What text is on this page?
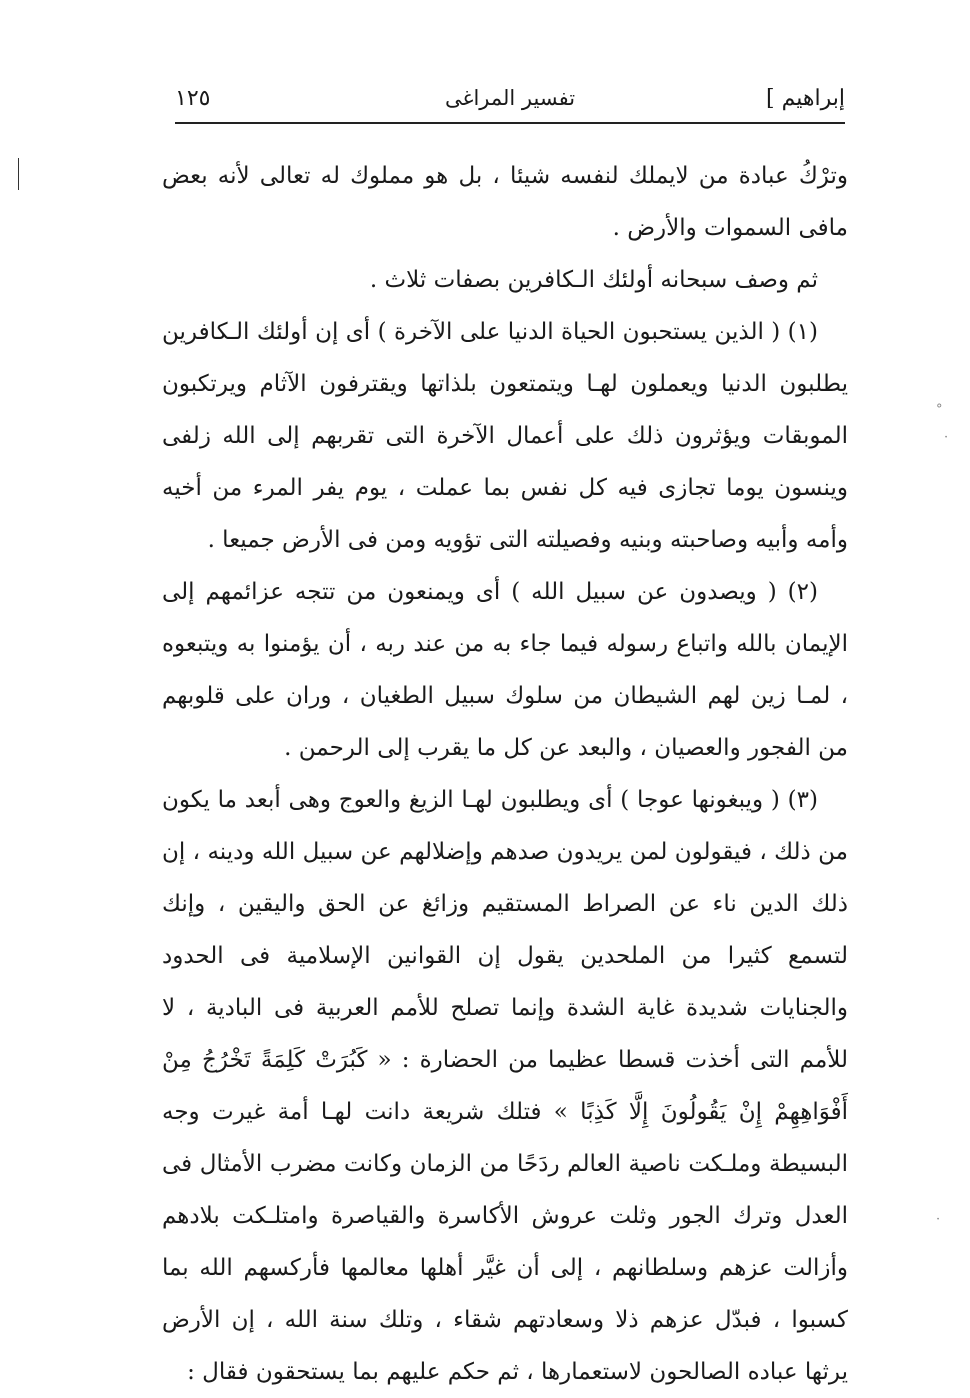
إبراهيم ]
تفسير المراغى
١٢٥
°
·
·

وترْكُ عبادة من لايملك لنفسه شيئا ، بل هو مملوك له تعالى لأنه بعض مافى السموات والأرض .

ثم وصف سبحانه أولئك الـكافرين بصفات ثلاث .

(١) ( الذين يستحبون الحياة الدنيا على الآخرة ) أى إن أولئك الـكافرين يطلبون الدنيا ويعملون لهـا ويتمتعون بلذاتها ويقترفون الآثام ويرتكبون الموبقات ويؤثرون ذلك على أعمال الآخرة التى تقربهم إلى الله زلفى وينسون يوما تجازى فيه كل نفس بما عملت ، يوم يفر المرء من أخيه وأمه وأبيه وصاحبته وبنيه وفصيلته التى تؤويه ومن فى الأرض جميعا .

(٢) ( ويصدون عن سبيل الله ) أى ويمنعون من تتجه عزائمهم إلى الإيمان بالله واتباع رسوله فيما جاء به من عند ربه ، أن يؤمنوا به ويتبعوه ، لمـا زين لهم الشيطان من سلوك سبيل الطغيان ، وران على قلوبهم من الفجور والعصيان ، والبعد عن كل ما يقرب إلى الرحمن .

(٣) ( ويبغونها عوجا ) أى ويطلبون لهـا الزيغ والعوج وهى أبعد ما يكون من ذلك ، فيقولون لمن يريدون صدهم وإضلالهم عن سبيل الله ودينه ، إن ذلك الدين ناء عن الصراط المستقيم وزائغ عن الحق واليقين ، وإنك لتسمع كثيرا من الملحدين يقول إن القوانين الإسلامية فى الحدود والجنايات شديدة غاية الشدة وإنما تصلح للأمم العربية فى البادية ، لا للأمم التى أخذت قسطا عظيما من الحضارة : « كَبُرَتْ كَلِمَةً تَخْرُجُ مِنْ أَفْوَاهِهِمْ إِنْ يَقُولُونَ إِلَّا كَذِبًا » فتلك شريعة دانت لهـا أمة غيرت وجه البسيطة وملـكت ناصية العالم ردَحًا من الزمان وكانت مضرب الأمثال فى العدل وترك الجور وثلت عروش الأكاسرة والقياصرة وامتلـكت بلادهم وأزالت عزهم وسلطانهم ، إلى أن غيَّر أهلها معالمها فأركسهم الله بما كسبوا ، فبدّل عزهم ذلا وسعادتهم شقاء ، وتلك سنة الله ، إن الأرض يرثها عباده الصالحون لاستعمارها ، ثم حكم عليهم بما يستحقون فقال :
